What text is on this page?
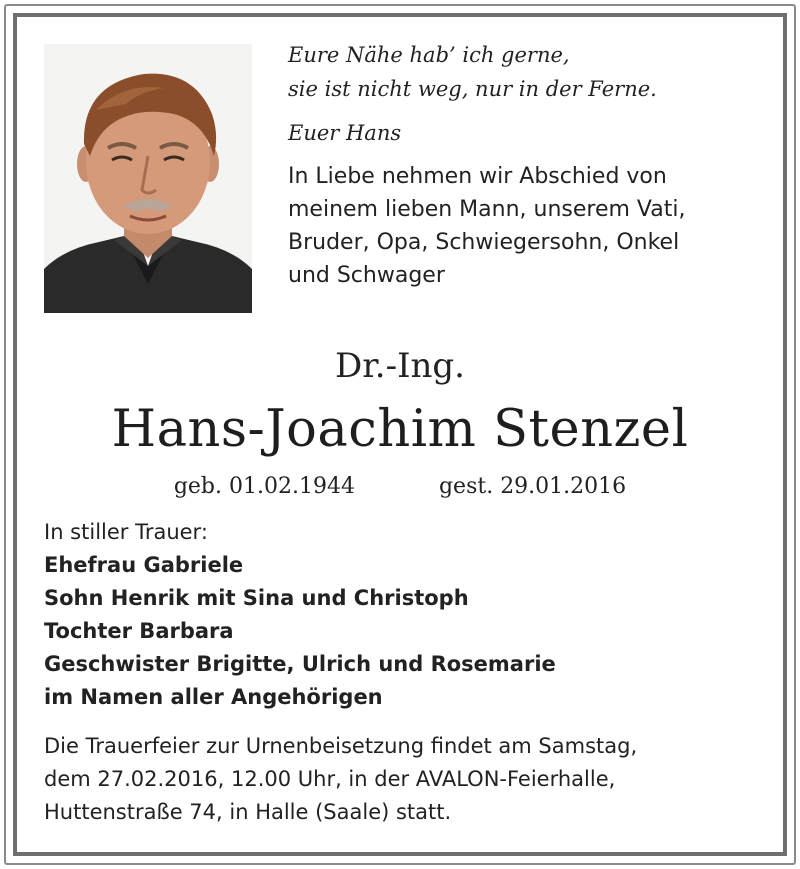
Eure Nähe hab’ ich gerne,
sie ist nicht weg, nur in der Ferne.
Euer Hans
In Liebe nehmen wir Abschied von
meinem lieben Mann, unserem Vati,
Bruder, Opa, Schwiegersohn, Onkel
und Schwager
Dr.-Ing.
Hans-Joachim Stenzel
geb. 01.02.1944	gest. 29.01.2016
In stiller Trauer:
Ehefrau Gabriele
Sohn Henrik mit Sina und Christoph
Tochter Barbara
Geschwister Brigitte, Ulrich und Rosemarie
im Namen aller Angehörigen
Die Trauerfeier zur Urnenbeisetzung findet am Samstag,
dem 27.02.2016, 12.00 Uhr, in der AVALON-Feierhalle,
Huttenstraße 74, in Halle (Saale) statt.
